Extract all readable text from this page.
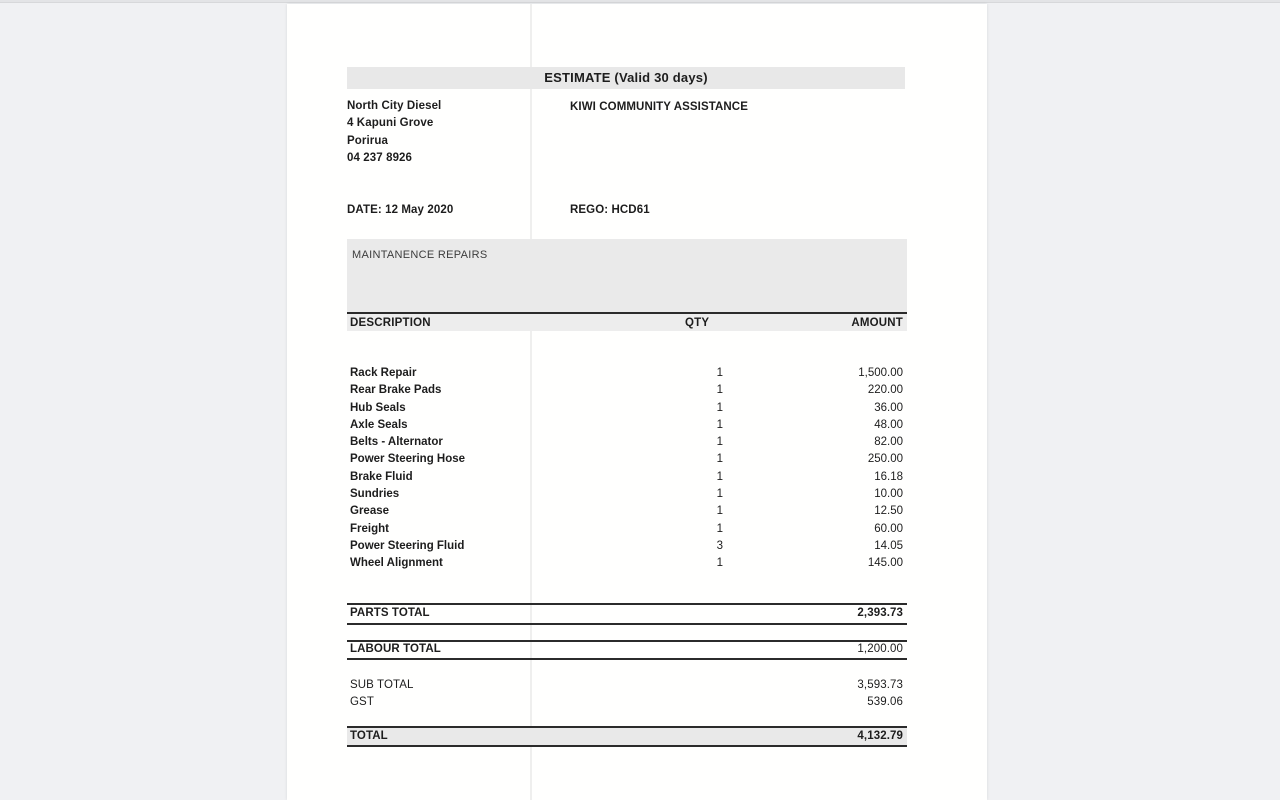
ESTIMATE (Valid 30 days)
North City Diesel
4 Kapuni Grove
Porirua
04 237 8926
KIWI COMMUNITY ASSISTANCE
DATE: 12 May 2020	REGO: HCD61
MAINTANENCE REPAIRS
DESCRIPTION	QTY	AMOUNT
Rack Repair	1	1,500.00
Rear Brake Pads	1	220.00
Hub Seals	1	36.00
Axle Seals	1	48.00
Belts - Alternator	1	82.00
Power Steering Hose	1	250.00
Brake Fluid	1	16.18
Sundries	1	10.00
Grease	1	12.50
Freight	1	60.00
Power Steering Fluid	3	14.05
Wheel Alignment	1	145.00
PARTS TOTAL	2,393.73
LABOUR TOTAL	1,200.00
SUB TOTAL	3,593.73
GST	539.06
TOTAL	4,132.79
